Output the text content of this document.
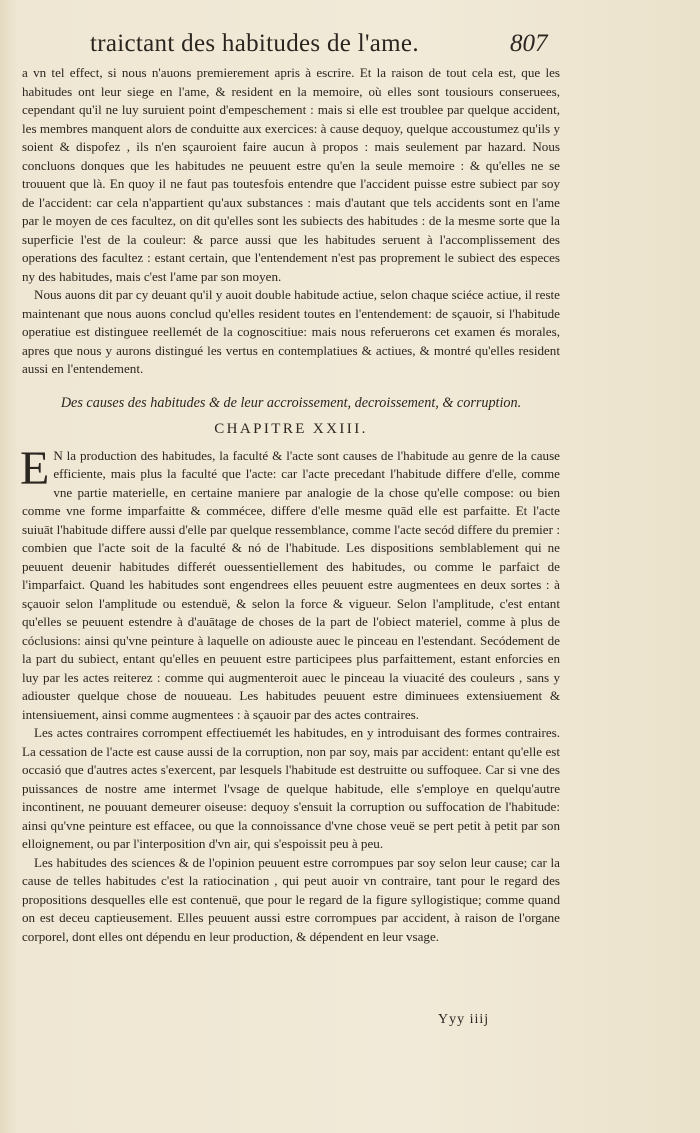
traictant des habitudes de l'ame.	807

a vn tel effect, si nous n'auons premierement apris à escrire. Et la raison de tout cela est, que les habitudes ont leur siege en l'ame, & resident en la memoire, où elles sont tousiours conseruees, cependant qu'il ne luy suruient point d'empeschement : mais si elle est troublee par quelque accident, les membres manquent alors de conduitte aux exercices: à cause dequoy, quelque accoustumez qu'ils y soient & dispofez , ils n'en sçauroient faire aucun à propos : mais seulement par hazard. Nous concluons donques que les habitudes ne peuuent estre qu'en la seule memoire : & qu'elles ne se trouuent que là. En quoy il ne faut pas toutesfois entendre que l'accident puisse estre subiect par soy de l'accident: car cela n'appartient qu'aux substances : mais d'autant que tels accidents sont en l'ame par le moyen de ces facultez, on dit qu'elles sont les subiects des habitudes : de la mesme sorte que la superficie l'est de la couleur: & parce aussi que les habitudes seruent à l'accomplissement des operations des facultez : estant certain, que l'entendement n'est pas proprement le subiect des especes ny des habitudes, mais c'est l'ame par son moyen.

Nous auons dit par cy deuant qu'il y auoit double habitude actiue, selon chaque sciéce actiue, il reste maintenant que nous auons conclud qu'elles resident toutes en l'entendement: de sçauoir, si l'habitude operatiue est distinguee reellemét de la cognoscitiue: mais nous referuerons cet examen és morales, apres que nous y aurons distingué les vertus en contemplatiues & actiues, & montré qu'elles resident aussi en l'entendement.

Des causes des habitudes & de leur accroissement, decroissement, & corruption.
CHAPITRE XXIII.

E N la production des habitudes, la faculté & l'acte sont causes de l'habitude au genre de la cause efficiente, mais plus la faculté que l'acte: car l'acte precedant l'habitude differe d'elle, comme vne partie materielle, en certaine maniere par analogie de la chose qu'elle compose: ou bien comme vne forme imparfaitte & commécee, differe d'elle mesme quād elle est parfaitte. Et l'acte suiuāt l'habitude differe aussi d'elle par quelque ressemblance, comme l'acte secód differe du premier : combien que l'acte soit de la faculté & nó de l'habitude. Les dispositions semblablement qui ne peuuent deuenir habitudes differét ouessentiellement des habitudes, ou comme le parfaict de l'imparfaict. Quand les habitudes sont engendrees elles peuuent estre augmentees en deux sortes : à sçauoir selon l'amplitude ou estenduë, & selon la force & vigueur. Selon l'amplitude, c'est entant qu'elles se peuuent estendre à d'auātage de choses de la part de l'obiect materiel, comme à plus de cóclusions: ainsi qu'vne peinture à laquelle on adiouste auec le pinceau en l'estendant. Secódement de la part du subiect, entant qu'elles en peuuent estre participees plus parfaittement, estant enforcies en luy par les actes reiterez : comme qui augmenteroit auec le pinceau la viuacité des couleurs , sans y adiouster quelque chose de nouueau. Les habitudes peuuent estre diminuees extensiuement & intensiuement, ainsi comme augmentees : à sçauoir par des actes contraires.

Les actes contraires corrompent effectiuemét les habitudes, en y introduisant des formes contraires. La cessation de l'acte est cause aussi de la corruption, non par soy, mais par accident: entant qu'elle est occasió que d'autres actes s'exercent, par lesquels l'habitude est destruitte ou suffoquee. Car si vne des puissances de nostre ame intermet l'vsage de quelque habitude, elle s'employe en quelqu'autre incontinent, ne pouuant demeurer oiseuse: dequoy s'ensuit la corruption ou suffocation de l'habitude: ainsi qu'vne peinture est effacee, ou que la connoissance d'vne chose veuë se pert petit à petit par son elloignement, ou par l'interposition d'vn air, qui s'espoissit peu à peu.

Les habitudes des sciences & de l'opinion peuuent estre corrompues par soy selon leur cause; car la cause de telles habitudes c'est la ratiocination , qui peut auoir vn contraire, tant pour le regard des propositions desquelles elle est contenuë, que pour le regard de la figure syllogistique; comme quand on est deceu captieusement. Elles peuuent aussi estre corrompues par accident, à raison de l'organe corporel, dont elles ont dépendu en leur production, & dépendent en leur vsage.

Yyy iiij
